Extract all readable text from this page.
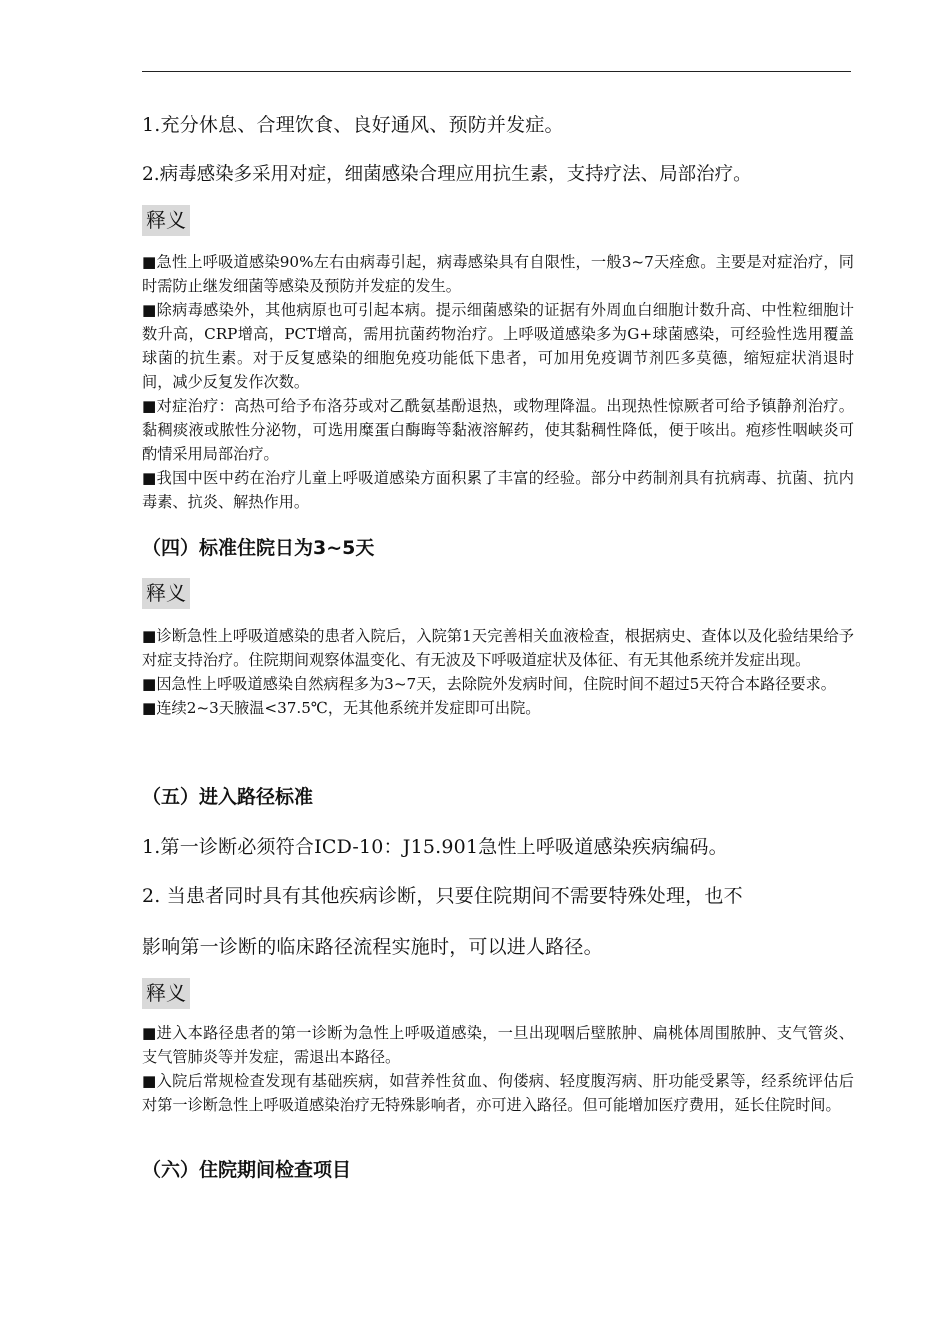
1.充分休息、合理饮食、良好通风、预防并发症。
2.病毒感染多采用对症，细菌感染合理应用抗生素，支持疗法、局部治疗。
释义

■急性上呼吸道感染90%左右由病毒引起，病毒感染具有自限性，一般3~7天痊愈。主要是对症治疗，同时需防止继发细菌等感染及预防并发症的发生。

■除病毒感染外，其他病原也可引起本病。提示细菌感染的证据有外周血白细胞计数升高、中性粒细胞计数升高，CRP增高，PCT增高，需用抗菌药物治疗。上呼吸道感染多为G+球菌感染，可经验性选用覆盖球菌的抗生素。对于反复感染的细胞免疫功能低下患者，可加用免疫调节剂匹多莫德，缩短症状消退时间，减少反复发作次数。

■对症治疗：高热可给予布洛芬或对乙酰氨基酚退热，或物理降温。出现热性惊厥者可给予镇静剂治疗。黏稠痰液或脓性分泌物，可选用糜蛋白酶晦等黏液溶解药，使其黏稠性降低，便于咳出。疱疹性咽峡炎可酌情采用局部治疗。

■我国中医中药在治疗儿童上呼吸道感染方面积累了丰富的经验。部分中药制剂具有抗病毒、抗菌、抗内毒素、抗炎、解热作用。

（四）标准住院日为3~5天
释义

■诊断急性上呼吸道感染的患者入院后，入院第1天完善相关血液检查，根据病史、查体以及化验结果给予对症支持治疗。住院期间观察体温变化、有无波及下呼吸道症状及体征、有无其他系统并发症出现。

■因急性上呼吸道感染自然病程多为3~7天，去除院外发病时间，住院时间不超过5天符合本路径要求。

■连续2~3天腋温<37.5℃，无其他系统并发症即可出院。

（五）进入路径标准
1.第一诊断必须符合ICD-10：J15.901急性上呼吸道感染疾病编码。
2. 当患者同时具有其他疾病诊断，只要住院期间不需要特殊处理，也不
影响第一诊断的临床路径流程实施时，可以进人路径。
释义

■进入本路径患者的第一诊断为急性上呼吸道感染，一旦出现咽后壁脓肿、扁桃体周围脓肿、支气管炎、支气管肺炎等并发症，需退出本路径。

■入院后常规检查发现有基础疾病，如营养性贫血、佝偻病、轻度腹泻病、肝功能受累等，经系统评估后对第一诊断急性上呼吸道感染治疗无特殊影响者，亦可进入路径。但可能增加医疗费用，延长住院时间。

（六）住院期间检查项目
